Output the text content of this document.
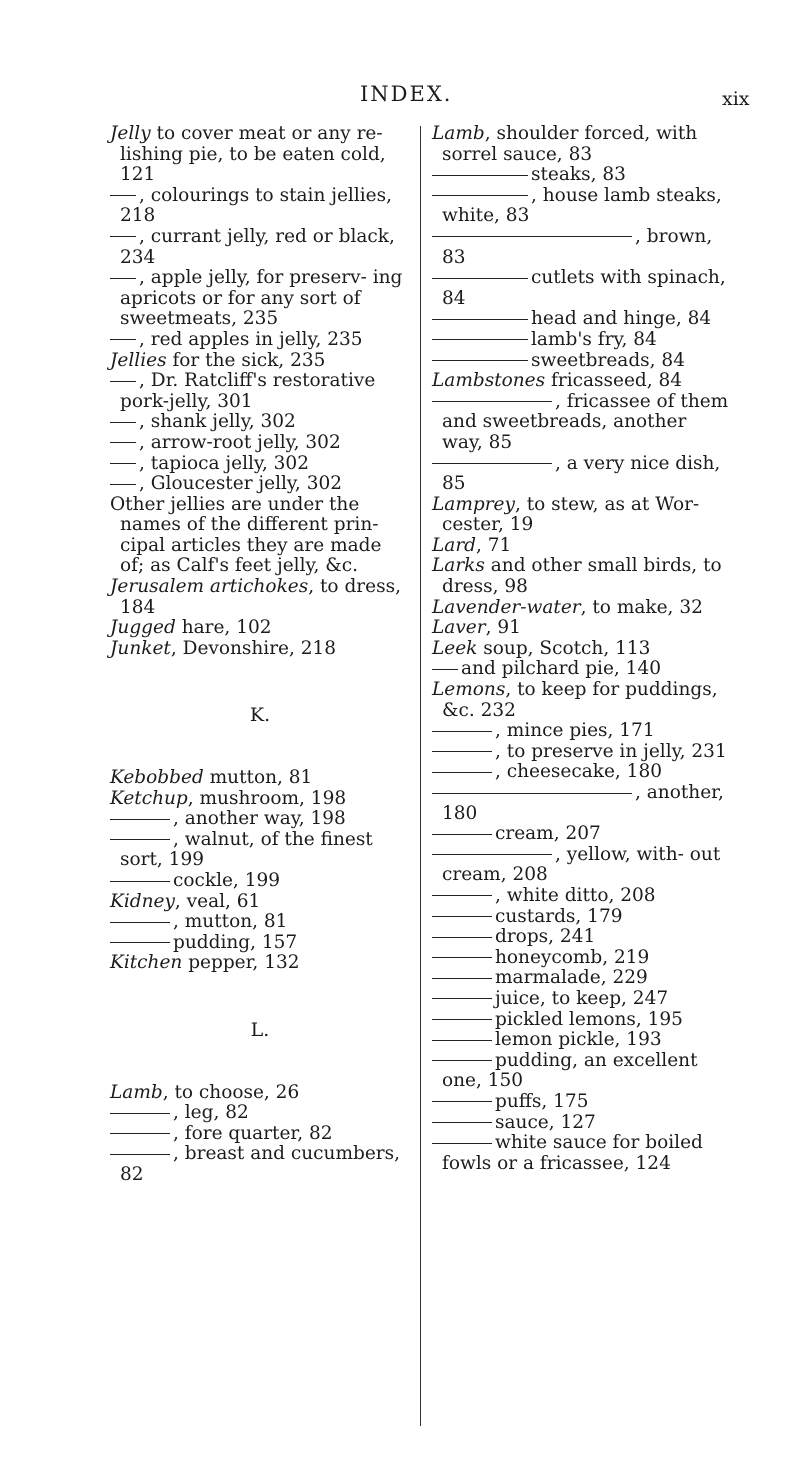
INDEX.	xix

Jelly to cover meat or any re- lishing pie, to be eaten cold, 121

, colourings to stain jellies, 218

, currant jelly, red or black, 234

, apple jelly, for preserv- ing apricots or for any sort of sweetmeats, 235

, red apples in jelly, 235

Jellies for the sick, 235

, Dr. Ratcliff's restorative pork-jelly, 301

, shank jelly, 302

, arrow-root jelly, 302

, tapioca jelly, 302

, Gloucester jelly, 302

Other jellies are under the names of the different prin- cipal articles they are made of; as Calf's feet jelly, &c.

Jerusalem artichokes, to dress, 184

Jugged hare, 102

Junket, Devonshire, 218

K.

Kebobbed mutton, 81

Ketchup, mushroom, 198

, another way, 198

, walnut, of the finest sort, 199

cockle, 199

Kidney, veal, 61

, mutton, 81

pudding, 157

Kitchen pepper, 132

L.

Lamb, to choose, 26

, leg, 82

, fore quarter, 82

, breast and cucumbers, 82

Lamb, shoulder forced, with sorrel sauce, 83

steaks, 83

, house lamb steaks, white, 83

, brown, 83

cutlets with spinach, 84

head and hinge, 84

lamb's fry, 84

sweetbreads, 84

Lambstones fricasseed, 84

, fricassee of them and sweetbreads, another way, 85

, a very nice dish, 85

Lamprey, to stew, as at Wor- cester, 19

Lard, 71

Larks and other small birds, to dress, 98

Lavender-water, to make, 32

Laver, 91

Leek soup, Scotch, 113

and pilchard pie, 140

Lemons, to keep for puddings, &c. 232

, mince pies, 171

, to preserve in jelly, 231

, cheesecake, 180

, another, 180

cream, 207

, yellow, with- out cream, 208

, white ditto, 208

custards, 179

drops, 241

honeycomb, 219

marmalade, 229

juice, to keep, 247

pickled lemons, 195

lemon pickle, 193

pudding, an excellent one, 150

puffs, 175

sauce, 127

white sauce for boiled fowls or a fricassee, 124
